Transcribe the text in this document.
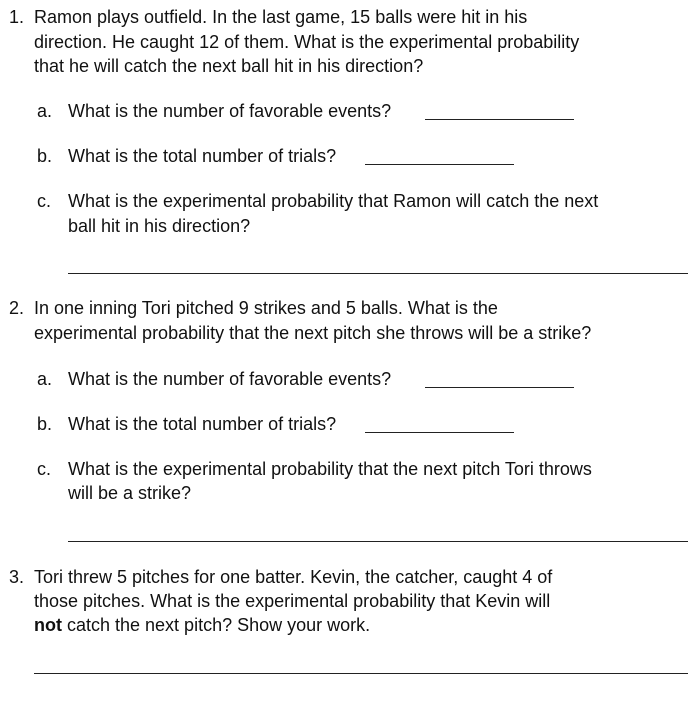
1. Ramon plays outfield. In the last game, 15 balls were hit in his
direction. He caught 12 of them. What is the experimental probability
that he will catch the next ball hit in his direction?
a. What is the number of favorable events?
b. What is the total number of trials?
c. What is the experimental probability that Ramon will catch the next
ball hit in his direction?
2. In one inning Tori pitched 9 strikes and 5 balls. What is the
experimental probability that the next pitch she throws will be a strike?
a. What is the number of favorable events?
b. What is the total number of trials?
c. What is the experimental probability that the next pitch Tori throws
will be a strike?
3. Tori threw 5 pitches for one batter. Kevin, the catcher, caught 4 of
those pitches. What is the experimental probability that Kevin will
not catch the next pitch? Show your work.
